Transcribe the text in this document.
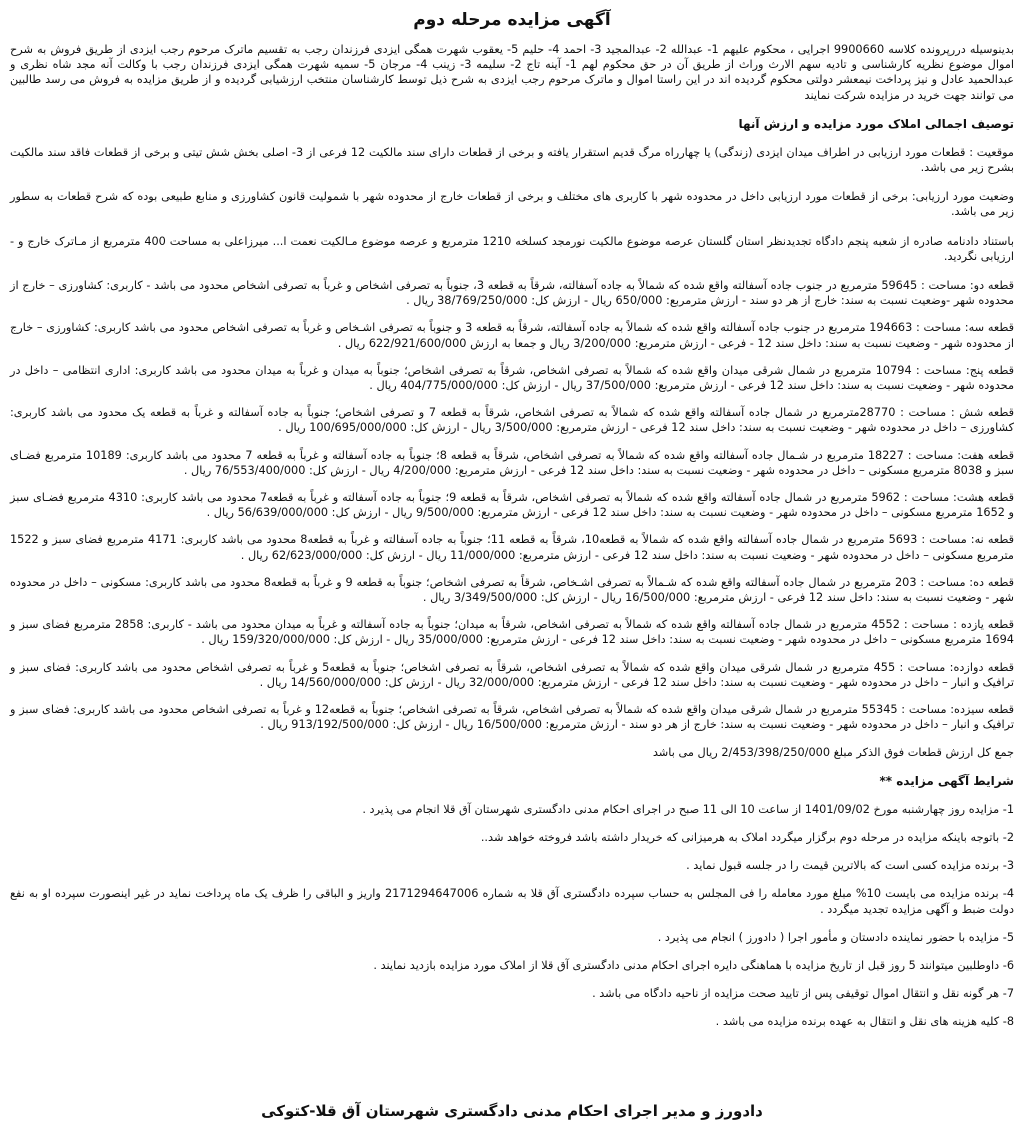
آگهی مزایده مرحله دوم

بدینوسیله دررپرونده کلاسه 9900660 اجرایی ، محکوم علیهم 1- عبدالله 2- عبدالمجید 3- احمد 4- حلیم 5- یعقوب شهرت همگی ایزدی فرزندان رجب به تقسیم ماترک مرحوم رجب ایزدی از طریق فروش به شرح اموال موضوع نظریه کارشناسی و تادیه سهم الارث وراث از طریق آن در حق محکوم لهم 1- آینه تاج 2- سلیمه 3- زینب 4- مرجان 5- سمیه شهرت همگی ایزدی فرزندان رجب با وکالت آنه مجد شاه نظری و عبدالحمید عادل و نیز پرداخت نیمعشر دولتی محکوم گردیده اند در این راستا اموال و ماترک مرحوم رجب ایزدی به شرح ذیل توسط کارشناسان منتخب ارزشیابی گردیده و از طریق مزایده به فروش می رسد طالبین می توانند جهت خرید در مزایده شرکت نمایند

توصیف اجمالی املاک مورد مزایده و ارزش آنها

موقعیت : قطعات مورد ارزیابی در اطراف میدان ایزدی (زندگی) یا چهارراه مرگ قدیم استقرار یافته و برخی از قطعات دارای سند مالکیت 12 فرعی از 3- اصلی بخش شش تیتی و برخی از قطعات فاقد سند مالکیت بشرح زیر می باشد.

وضعیت مورد ارزیابی: برخی از قطعات مورد ارزیابی داخل در محدوده شهر با کاربری های مختلف و برخی از قطعات خارج از محدوده شهر با شمولیت قانون کشاورزی و منابع طبیعی بوده که شرح قطعات به سطور زیر می باشد.

باستناد دادنامه صادره از شعبه پنجم دادگاه تجدیدنظر استان گلستان عرصه موضوع مالکیت نورمجد کسلخه 1210 مترمربع و عرصه موضوع مـالکیت نعمت ا... میرزاعلی به مساحت 400 مترمربع از مـاترک خارج و - ارزیابی نگردید.

قطعه دو: مساحت : 59645 مترمربع در جنوب جاده آسفالته واقع شده که شمالاً به جاده آسفالته، شرقاً به قطعه 3، جنوباً به تصرفی اشخاص و غرباً به تصرفی اشخاص محدود می باشد - کاربری: کشاورزی – خارج از محدوده شهر -وضعیت نسبت به سند: خارج از هر دو سند - ارزش مترمربع: 650/000 ریال - ارزش کل: 38/769/250/000 ریال .

قطعه سه: مساحت : 194663 مترمربع در جنوب جاده آسفالته واقع شده که شمالاً به جاده آسفالته، شرقاً به قطعه 3 و جنوباً به تصرفی اشـخاص و غرباً به تصرفی اشخاص محدود می باشد کاربری: کشاورزی – خارج از محدوده شهر - وضعیت نسبت به سند: داخل سند 12 - فرعی - ارزش مترمربع: 3/200/000 ریال و جمعا به ارزش 622/921/600/000 ریال .

قطعه پنج: مساحت : 10794 مترمربع در شمال شرقی میدان واقع شده که شمالاً به تصرفی اشخاص، شرقاً به تصرفی اشخاص؛ جنوباً به میدان و غرباً به میدان محدود می باشد کاربری: اداری انتظامی – داخل در محدوده شهر - وضعیت نسبت به سند: داخل سند 12 فرعی - ارزش مترمربع: 37/500/000 ریال - ارزش کل: 404/775/000/000 ریال .

قطعه شش : مساحت : 28770مترمربع در شمال جاده آسفالته واقع شده که شمالاً به تصرفی اشخاص، شرقاً به قطعه 7 و تصرفی اشخاص؛ جنوباً به جاده آسفالته و غرباً به قطعه یک محدود می باشد کاربری: کشاورزی – داخل در محدوده شهر - وضعیت نسبت به سند: داخل سند 12 فرعی - ارزش مترمربع: 3/500/000 ریال - ارزش کل: 100/695/000/000 ریال .

قطعه هفت: مساحت : 18227 مترمربع در شـمال جاده آسفالته واقع شده که شمالاً به تصرفی اشخاص، شرقاً به قطعه 8؛ جنوباً به جاده آسفالته و غرباً به قطعه 7 محدود می باشد کاربری: 10189 مترمربع فضـای سبز و 8038 مترمربع مسکونی – داخل در محدوده شهر - وضعیت نسبت به سند: داخل سند 12 فرعی - ارزش مترمربع: 4/200/000 ریال - ارزش کل: 76/553/400/000 ریال .

قطعه هشت: مساحت : 5962 مترمربع در شمال جاده آسفالته واقع شده که شمالاً به تصرفی اشخاص، شرقاً به قطعه 9؛ جنوباً به جاده آسفالته و غرباً به قطعه7 محدود می باشد کاربری: 4310 مترمربع فضـای سبز و 1652 مترمربع مسکونی – داخل در محدوده شهر - وضعیت نسبت به سند: داخل سند 12 فرعی - ارزش مترمربع: 9/500/000 ریال - ارزش کل: 56/639/000/000 ریال .

قطعه نه: مساحت : 5693 مترمربع در شمال جاده آسفالته واقع شده که شمالاً به قطعه10، شرقاً به قطعه 11؛ جنوباً به جاده آسفالته و غرباً به قطعه8 محدود می باشد کاربری: 4171 مترمربع فضای سبز و 1522 مترمربع مسکونی – داخل در محدوده شهر - وضعیت نسبت به سند: داخل سند 12 فرعی - ارزش مترمربع: 11/000/000 ریال - ارزش کل: 62/623/000/000 ریال .

قطعه ده: مساحت : 203 مترمربع در شمال جاده آسفالته واقع شده که شـمالاً به تصرفی اشـخاص، شرقاً به تصرفی اشخاص؛ جنوباً به قطعه 9 و غرباً به قطعه8 محدود می باشد کاربری: مسکونی – داخل در محدوده شهر - وضعیت نسبت به سند: داخل سند 12 فرعی - ارزش مترمربع: 16/500/000 ریال - ارزش کل: 3/349/500/000 ریال .

قطعه یازده : مساحت : 4552 مترمربع در شمال جاده آسفالته واقع شده که شمالاً به تصرفی اشخاص، شرقاً به میدان؛ جنوباً به جاده آسفالته و غرباً به میدان محدود می باشد - کاربری: 2858 مترمربع فضای سبز و 1694 مترمربع مسکونی – داخل در محدوده شهر - وضعیت نسبت به سند: داخل سند 12 فرعی - ارزش مترمربع: 35/000/000 ریال - ارزش کل: 159/320/000/000 ریال .

قطعه دوازده: مساحت : 455 مترمربع در شمال شرقی میدان واقع شده که شمالاً به تصرفی اشخاص، شرقاً به تصرفی اشخاص؛ جنوباً به قطعه5 و غرباً به تصرفی اشخاص محدود می باشد کاربری: فضای سبز و ترافیک و انبار – داخل در محدوده شهر - وضعیت نسبت به سند: داخل سند 12 فرعی - ارزش مترمربع: 32/000/000 ریال - ارزش کل: 14/560/000/000 ریال .

قطعه سیزده: مساحت : 55345 مترمربع در شمال شرقی میدان واقع شده که شمالاً به تصرفی اشخاص، شرقاً به تصرفی اشخاص؛ جنوباً به قطعه12 و غرباً به تصرفی اشخاص محدود می باشد کاربری: فضای سبز و ترافیک و انبار – داخل در محدوده شهر - وضعیت نسبت به سند: خارج از هر دو سند - ارزش مترمربع: 16/500/000 ریال - ارزش کل: 913/192/500/000 ریال .

جمع کل ارزش قطعات فوق الذکر مبلغ 2/453/398/250/000 ریال می باشد

شرایط آگهی مزایده **

1- مزایده روز چهارشنبه مورخ 1401/09/02 از ساعت 10 الی 11 صبح در اجرای احکام مدنی دادگستری شهرستان آق قلا انجام می پذیرد .

2- باتوجه باینکه مزایده در مرحله دوم برگزار میگردد املاک به هرمیزانی که خریدار داشته باشد فروخته خواهد شد..

3- برنده مزایده کسی است که بالاترین قیمت را در جلسه قبول نماید .

4- برنده مزایده می بایست 10% مبلغ مورد معامله را فی المجلس به حساب سپرده دادگستری آق قلا به شماره 2171294647006 واریز و الباقی را ظرف یک ماه پرداخت نماید در غیر اینصورت سپرده او به نفع دولت ضبط و آگهی مزایده تجدید میگردد .

5- مزایده با حضور نماینده دادستان و مأمور اجرا ( دادورز ) انجام می پذیرد .

6- داوطلبین میتوانند 5 روز قبل از تاریخ مزایده با هماهنگی دایره اجرای احکام مدنی دادگستری آق قلا از املاک مورد مزایده بازدید نمایند .

7- هر گونه نقل و انتقال اموال توقیفی پس از تایید صحت مزایده از ناحیه دادگاه می باشد .

8- کلیه هزینه های نقل و انتقال به عهده برنده مزایده می باشد .

دادورز و مدیر اجرای احکام مدنی دادگستری شهرستان آق قلا-کتوکی
